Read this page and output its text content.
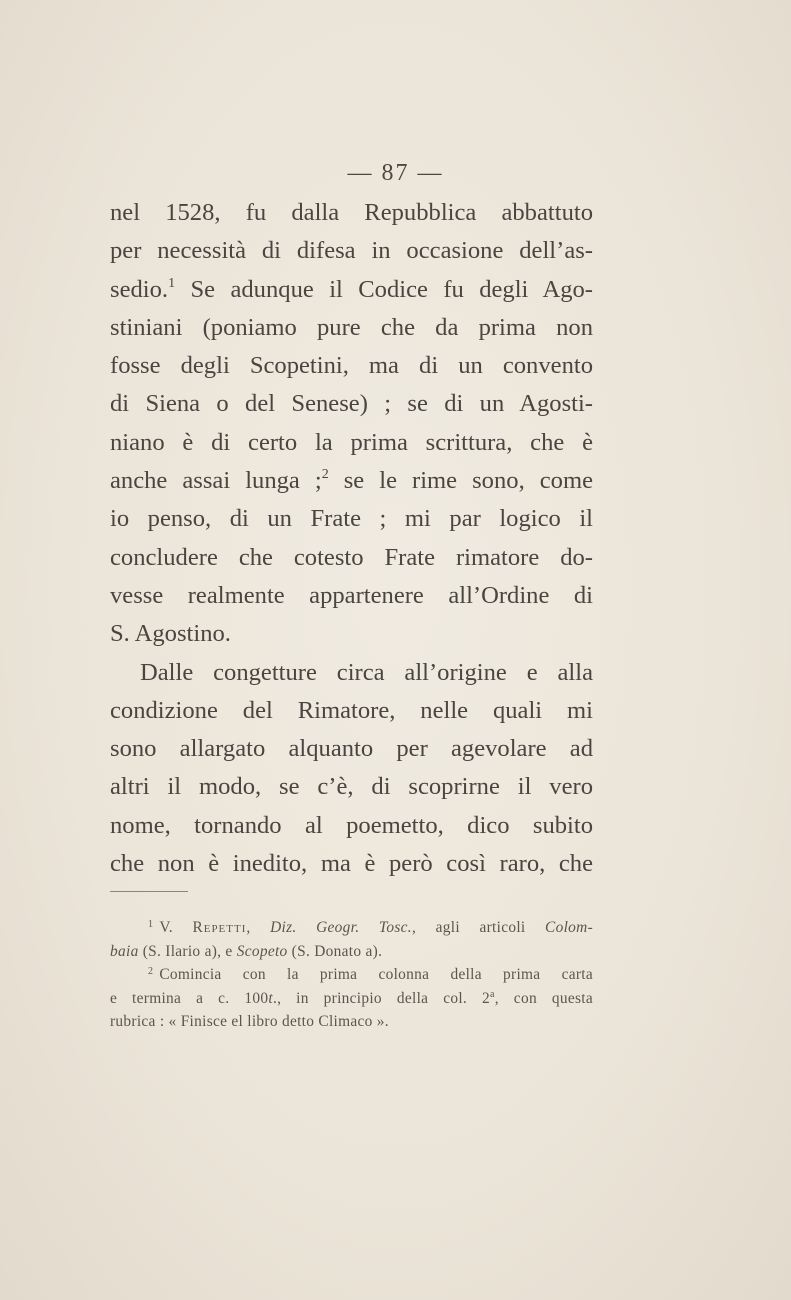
— 87 —
nel 1528, fu dalla Repubblica abbattuto
per necessità di difesa in occasione dell’as-
sedio.$^1$ Se adunque il Codice fu degli Ago-
stiniani (poniamo pure che da prima non
fosse degli Scopetini, ma di un convento
di Siena o del Senese) ; se di un Agosti-
niano è di certo la prima scrittura, che è
anche assai lunga ;$^2$ se le rime sono, come
io penso, di un Frate ; mi par logico il
concludere che cotesto Frate rimatore do-
vesse realmente appartenere all’Ordine di
S. Agostino.
Dalle congetture circa all’origine e alla
condizione del Rimatore, nelle quali mi
sono allargato alquanto per agevolare ad
altri il modo, se c’è, di scoprirne il vero
nome, tornando al poemetto, dico subito
che non è inedito, ma è però così raro, che
$^1$ V. Repetti, Diz. Geogr. Tosc., agli articoli Colom-
baia (S. Ilario a), e Scopeto (S. Donato a).
$^2$ Comincia con la prima colonna della prima carta
e termina a c. 100t., in principio della col. 2$^a$, con questa
rubrica : « Finisce el libro detto Climaco ».
